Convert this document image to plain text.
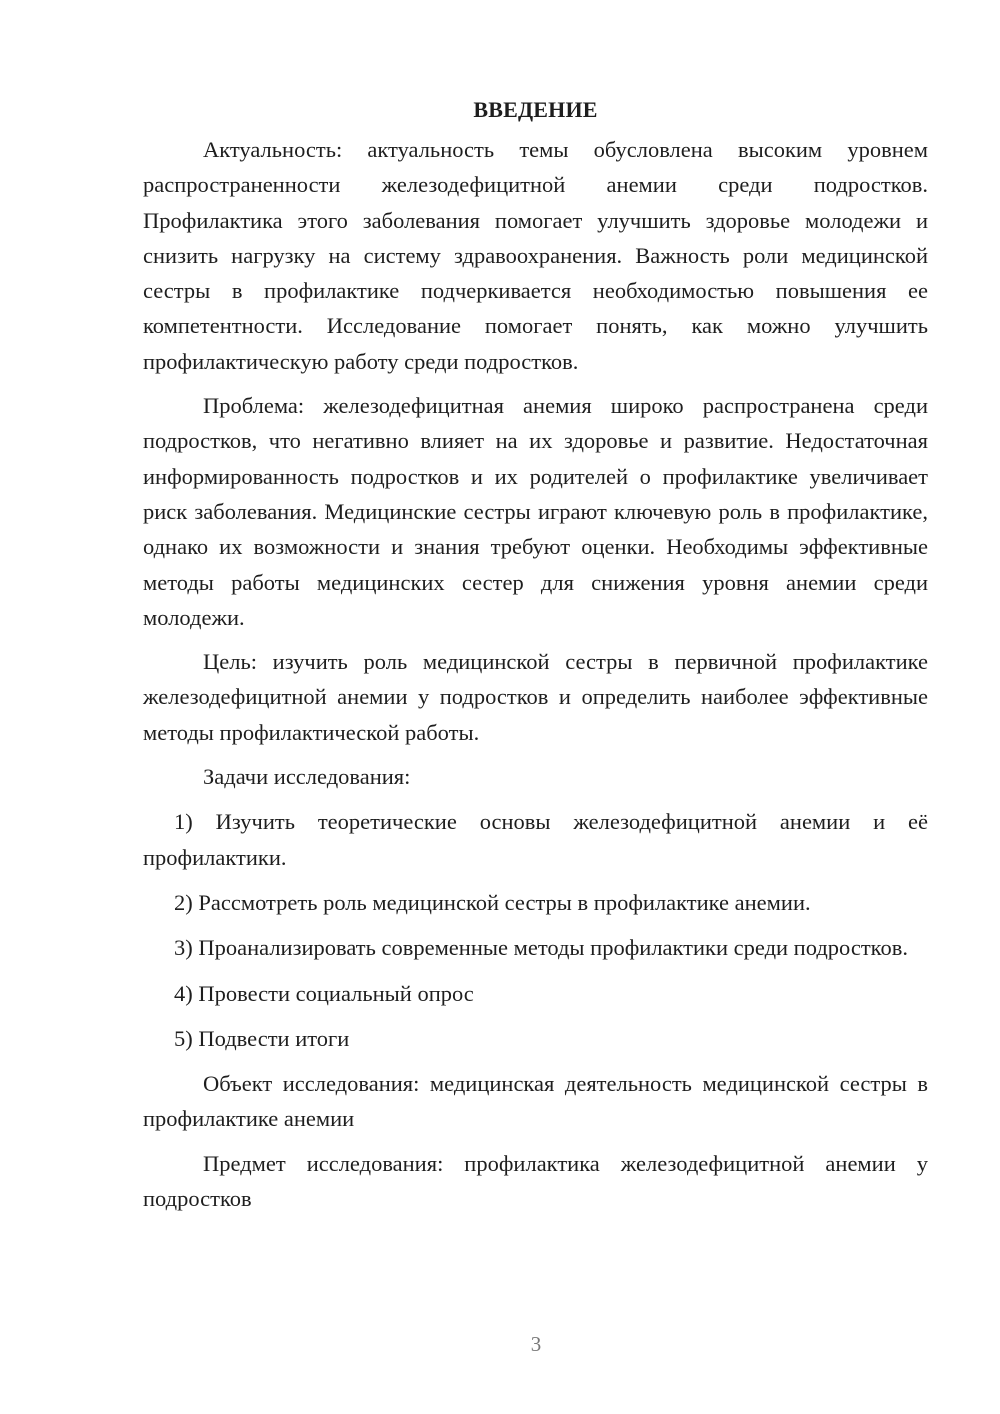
ВВЕДЕНИЕ

Актуальность: актуальность темы обусловлена высоким уровнем распространенности железодефицитной анемии среди подростков. Профилактика этого заболевания помогает улучшить здоровье молодежи и снизить нагрузку на систему здравоохранения. Важность роли медицинской сестры в профилактике подчеркивается необходимостью повышения ее компетентности. Исследование помогает понять, как можно улучшить профилактическую работу среди подростков.

Проблема: железодефицитная анемия широко распространена среди подростков, что негативно влияет на их здоровье и развитие. Недостаточная информированность подростков и их родителей о профилактике увеличивает риск заболевания. Медицинские сестры играют ключевую роль в профилактике, однако их возможности и знания требуют оценки. Необходимы эффективные методы работы медицинских сестер для снижения уровня анемии среди молодежи.

Цель: изучить роль медицинской сестры в первичной профилактике железодефицитной анемии у подростков и определить наиболее эффективные методы профилактической работы.

Задачи исследования:

1) Изучить теоретические основы железодефицитной анемии и её профилактики.

2) Рассмотреть роль медицинской сестры в профилактике анемии.

3) Проанализировать современные методы профилактики среди подростков.

4) Провести социальный опрос

5) Подвести итоги

Объект исследования: медицинская деятельность медицинской сестры в профилактике анемии

Предмет исследования: профилактика железодефицитной анемии у подростков

3
